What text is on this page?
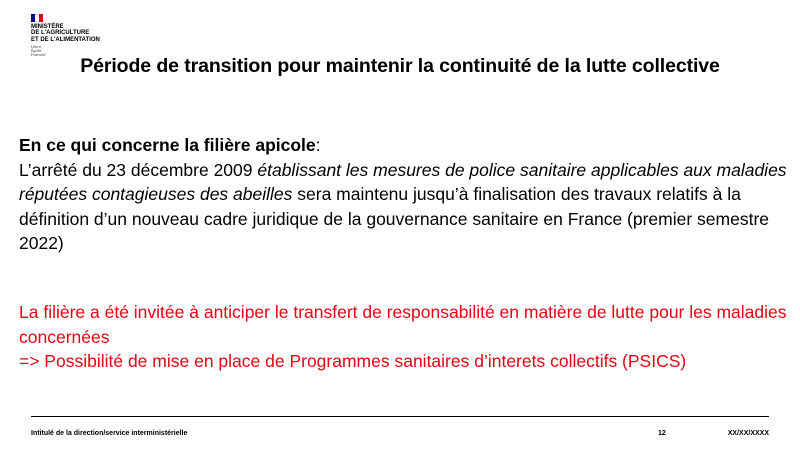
MINISTÈRE
DE L'AGRICULTURE
ET DE L'ALIMENTATION
Liberté
Égalité
Fraternité	Période de transition pour maintenir la continuité de la lutte collective

En ce qui concerne la filière apicole:

L’arrêté du 23 décembre 2009 établissant les mesures de police sanitaire applicables aux maladies réputées contagieuses des abeilles sera maintenu jusqu’à finalisation des travaux relatifs à la définition d’un nouveau cadre juridique de la gouvernance sanitaire en France (premier semestre 2022)

La filière a été invitée à anticiper le transfert de responsabilité en matière de lutte pour les maladies concernées

=> Possibilité de mise en place de Programmes sanitaires d’interets collectifs (PSICS)

Intitulé de la direction/service interministérielle	12	XX/XX/XXXX
